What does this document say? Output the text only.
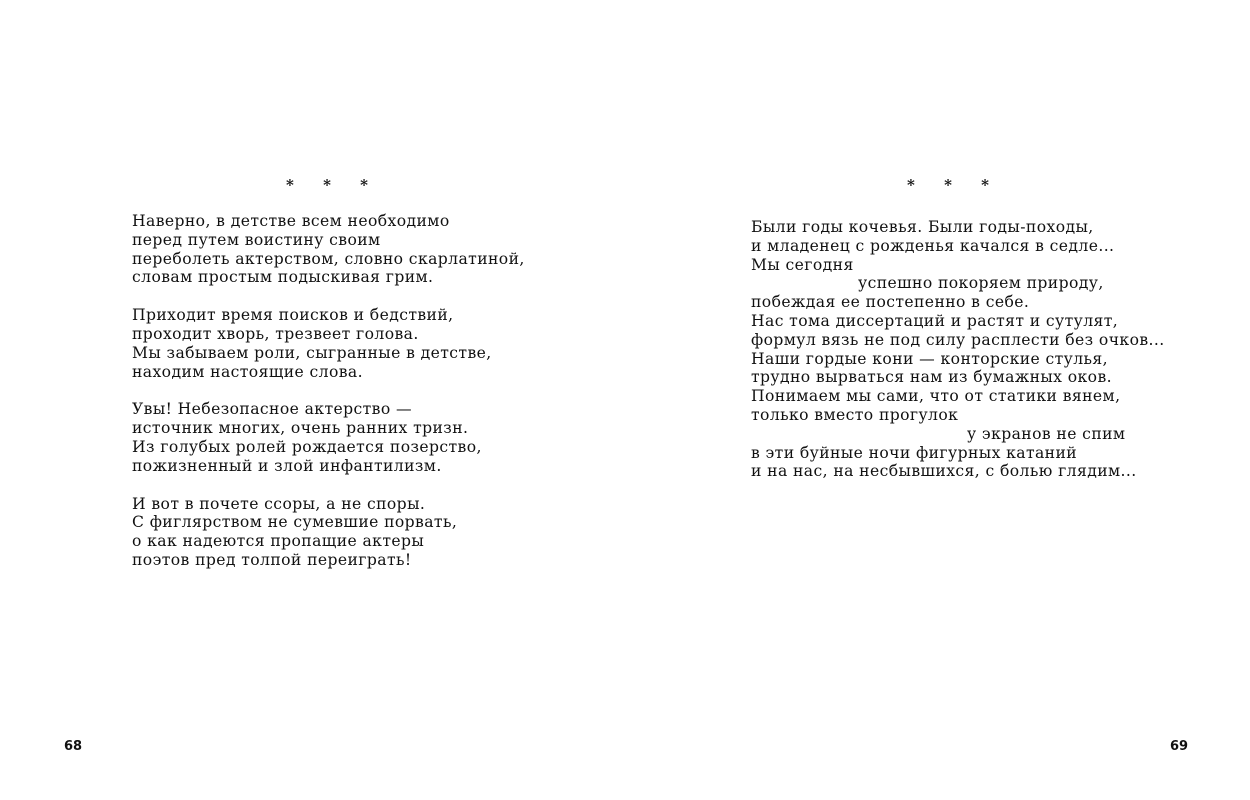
* * *
Наверно, в детстве всем необходимо
перед путем воистину своим
переболеть актерством, словно скарлатиной,
словам простым подыскивая грим.
Приходит время поисков и бедствий,
проходит хворь, трезвеет голова.
Мы забываем роли, сыгранные в детстве,
находим настоящие слова.
Увы! Небезопасное актерство —
источник многих, очень ранних тризн.
Из голубых ролей рождается позерство,
пожизненный и злой инфантилизм.
И вот в почете ссоры, а не споры.
С фиглярством не сумевшие порвать,
о как надеются пропащие актеры
поэтов пред толпой переиграть!
68
* * *
Были годы кочевья. Были годы-походы,
и младенец с рожденья качался в седле...
Мы сегодня
успешно покоряем природу,
побеждая ее постепенно в себе.
Нас тома диссертаций и растят и сутулят,
формул вязь не под силу расплести без очков...
Наши гордые кони — конторские стулья,
трудно вырваться нам из бумажных оков.
Понимаем мы сами, что от статики вянем,
только вместо прогулок
у экранов не спим
в эти буйные ночи фигурных катаний
и на нас, на несбывшихся, с болью глядим...
69
